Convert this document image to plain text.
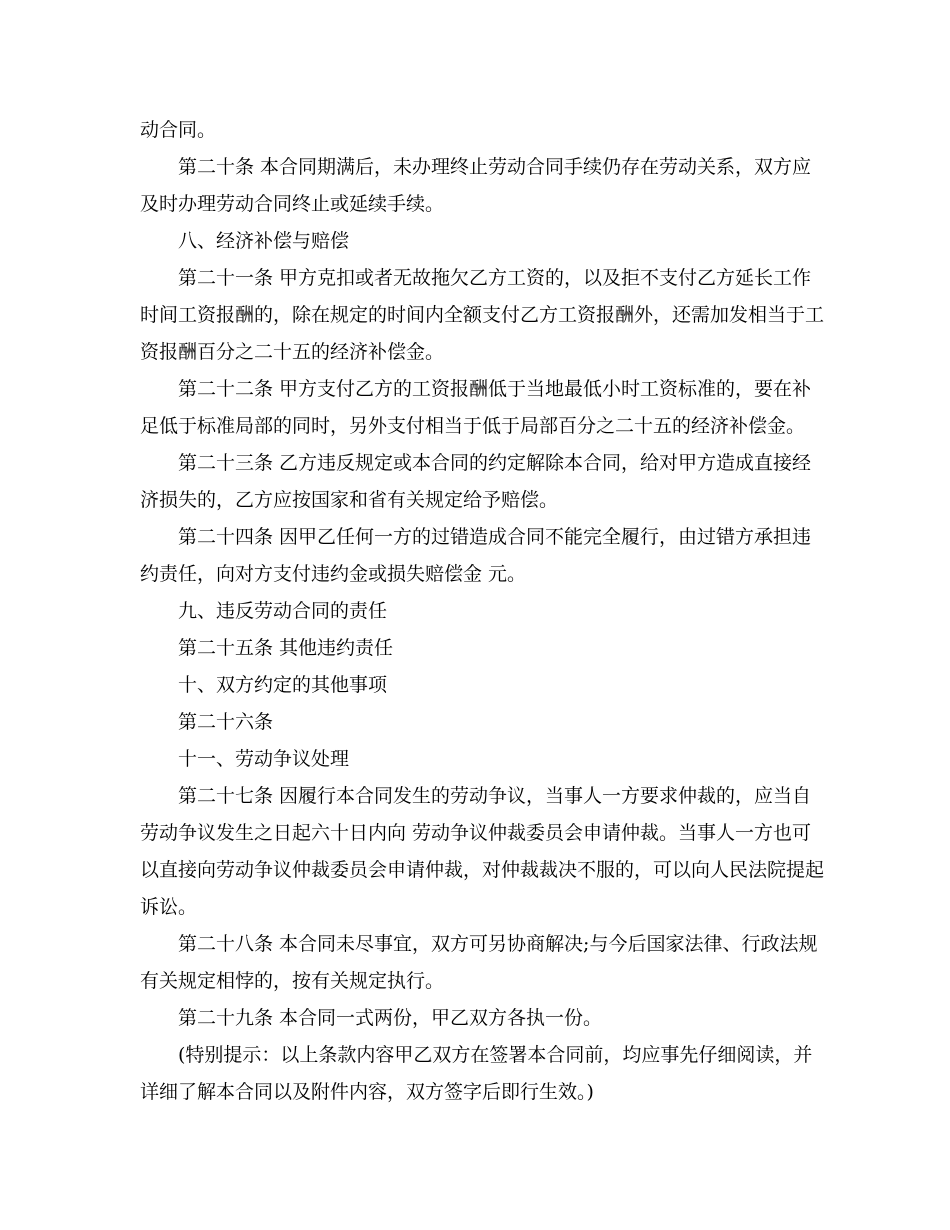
动合同。
第二十条 本合同期满后，未办理终止劳动合同手续仍存在劳动关系，双方应
及时办理劳动合同终止或延续手续。
八、经济补偿与赔偿
第二十一条 甲方克扣或者无故拖欠乙方工资的，以及拒不支付乙方延长工作
时间工资报酬的，除在规定的时间内全额支付乙方工资报酬外，还需加发相当于工
资报酬百分之二十五的经济补偿金。
第二十二条 甲方支付乙方的工资报酬低于当地最低小时工资标准的，要在补
足低于标准局部的同时，另外支付相当于低于局部百分之二十五的经济补偿金。
第二十三条 乙方违反规定或本合同的约定解除本合同，给对甲方造成直接经
济损失的，乙方应按国家和省有关规定给予赔偿。
第二十四条 因甲乙任何一方的过错造成合同不能完全履行，由过错方承担违
约责任，向对方支付违约金或损失赔偿金 元。
九、违反劳动合同的责任
第二十五条 其他违约责任
十、双方约定的其他事项
第二十六条
十一、劳动争议处理
第二十七条 因履行本合同发生的劳动争议，当事人一方要求仲裁的，应当自
劳动争议发生之日起六十日内向 劳动争议仲裁委员会申请仲裁。当事人一方也可
以直接向劳动争议仲裁委员会申请仲裁，对仲裁裁决不服的，可以向人民法院提起
诉讼。
第二十八条 本合同未尽事宜，双方可另协商解决;与今后国家法律、行政法规
有关规定相悖的，按有关规定执行。
第二十九条 本合同一式两份，甲乙双方各执一份。
(特别提示：以上条款内容甲乙双方在签署本合同前，均应事先仔细阅读，并
详细了解本合同以及附件内容，双方签字后即行生效。)
